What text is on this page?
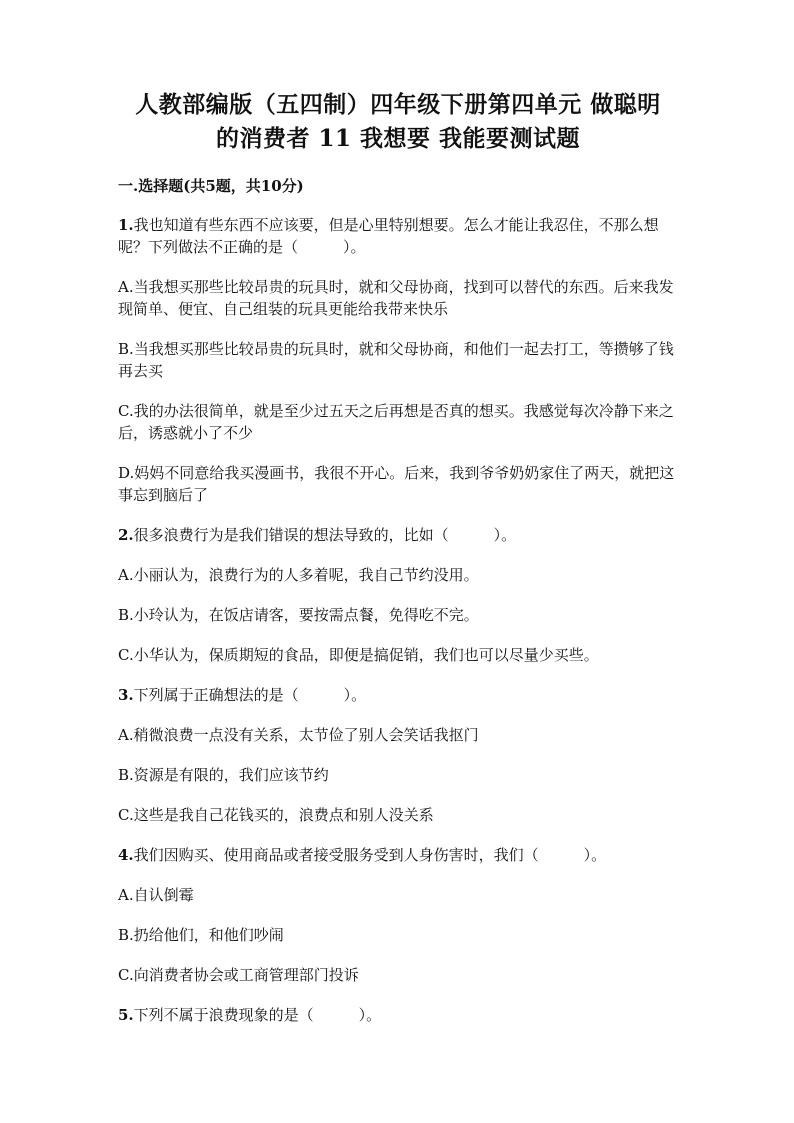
人教部编版（五四制）四年级下册第四单元 做聪明
的消费者 11 我想要 我能要测试题
一.选择题(共5题，共10分)
1.我也知道有些东西不应该要，但是心里特别想要。怎么才能让我忍住，不那么想呢？下列做法不正确的是（　　　）。
A.当我想买那些比较昂贵的玩具时，就和父母协商，找到可以替代的东西。后来我发现简单、便宜、自己组装的玩具更能给我带来快乐
B.当我想买那些比较昂贵的玩具时，就和父母协商，和他们一起去打工，等攒够了钱再去买
C.我的办法很简单，就是至少过五天之后再想是否真的想买。我感觉每次冷静下来之后，诱惑就小了不少
D.妈妈不同意给我买漫画书，我很不开心。后来，我到爷爷奶奶家住了两天，就把这事忘到脑后了
2.很多浪费行为是我们错误的想法导致的，比如（　　　）。
A.小丽认为，浪费行为的人多着呢，我自己节约没用。
B.小玲认为，在饭店请客，要按需点餐，免得吃不完。
C.小华认为，保质期短的食品，即便是搞促销，我们也可以尽量少买些。
3.下列属于正确想法的是（　　　）。
A.稍微浪费一点没有关系，太节俭了别人会笑话我抠门
B.资源是有限的，我们应该节约
C.这些是我自己花钱买的，浪费点和别人没关系
4.我们因购买、使用商品或者接受服务受到人身伤害时，我们（　　　）。
A.自认倒霉
B.扔给他们，和他们吵闹
C.向消费者协会或工商管理部门投诉
5.下列不属于浪费现象的是（　　　）。
